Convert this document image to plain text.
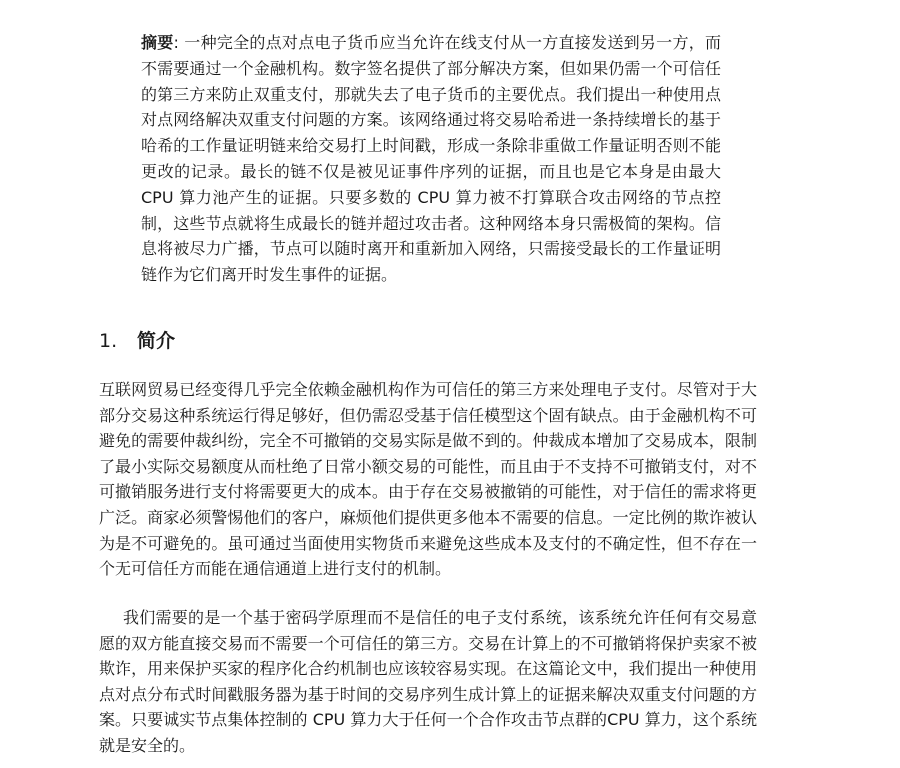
摘要: 一种完全的点对点电子货币应当允许在线支付从一方直接发送到另一方，而不需要通过一个金融机构。数字签名提供了部分解决方案，但如果仍需一个可信任的第三方来防止双重支付，那就失去了电子货币的主要优点。我们提出一种使用点对点网络解决双重支付问题的方案。该网络通过将交易哈希进一条持续增长的基于哈希的工作量证明链来给交易打上时间戳，形成一条除非重做工作量证明否则不能更改的记录。最长的链不仅是被见证事件序列的证据，而且也是它本身是由最大 CPU 算力池产生的证据。只要多数的 CPU 算力被不打算联合攻击网络的节点控制，这些节点就将生成最长的链并超过攻击者。这种网络本身只需极简的架构。信息将被尽力广播，节点可以随时离开和重新加入网络，只需接受最长的工作量证明链作为它们离开时发生事件的证据。
1. 简介

互联网贸易已经变得几乎完全依赖金融机构作为可信任的第三方来处理电子支付。尽管对于大部分交易这种系统运行得足够好，但仍需忍受基于信任模型这个固有缺点。由于金融机构不可避免的需要仲裁纠纷，完全不可撤销的交易实际是做不到的。仲裁成本增加了交易成本，限制了最小实际交易额度从而杜绝了日常小额交易的可能性，而且由于不支持不可撤销支付，对不可撤销服务进行支付将需要更大的成本。由于存在交易被撤销的可能性，对于信任的需求将更广泛。商家必须警惕他们的客户，麻烦他们提供更多他本不需要的信息。一定比例的欺诈被认为是不可避免的。虽可通过当面使用实物货币来避免这些成本及支付的不确定性，但不存在一个无可信任方而能在通信通道上进行支付的机制。

我们需要的是一个基于密码学原理而不是信任的电子支付系统，该系统允许任何有交易意愿的双方能直接交易而不需要一个可信任的第三方。交易在计算上的不可撤销将保护卖家不被欺诈，用来保护买家的程序化合约机制也应该较容易实现。在这篇论文中，我们提出一种使用点对点分布式时间戳服务器为基于时间的交易序列生成计算上的证据来解决双重支付问题的方案。只要诚实节点集体控制的 CPU 算力大于任何一个合作攻击节点群的CPU 算力，这个系统就是安全的。
